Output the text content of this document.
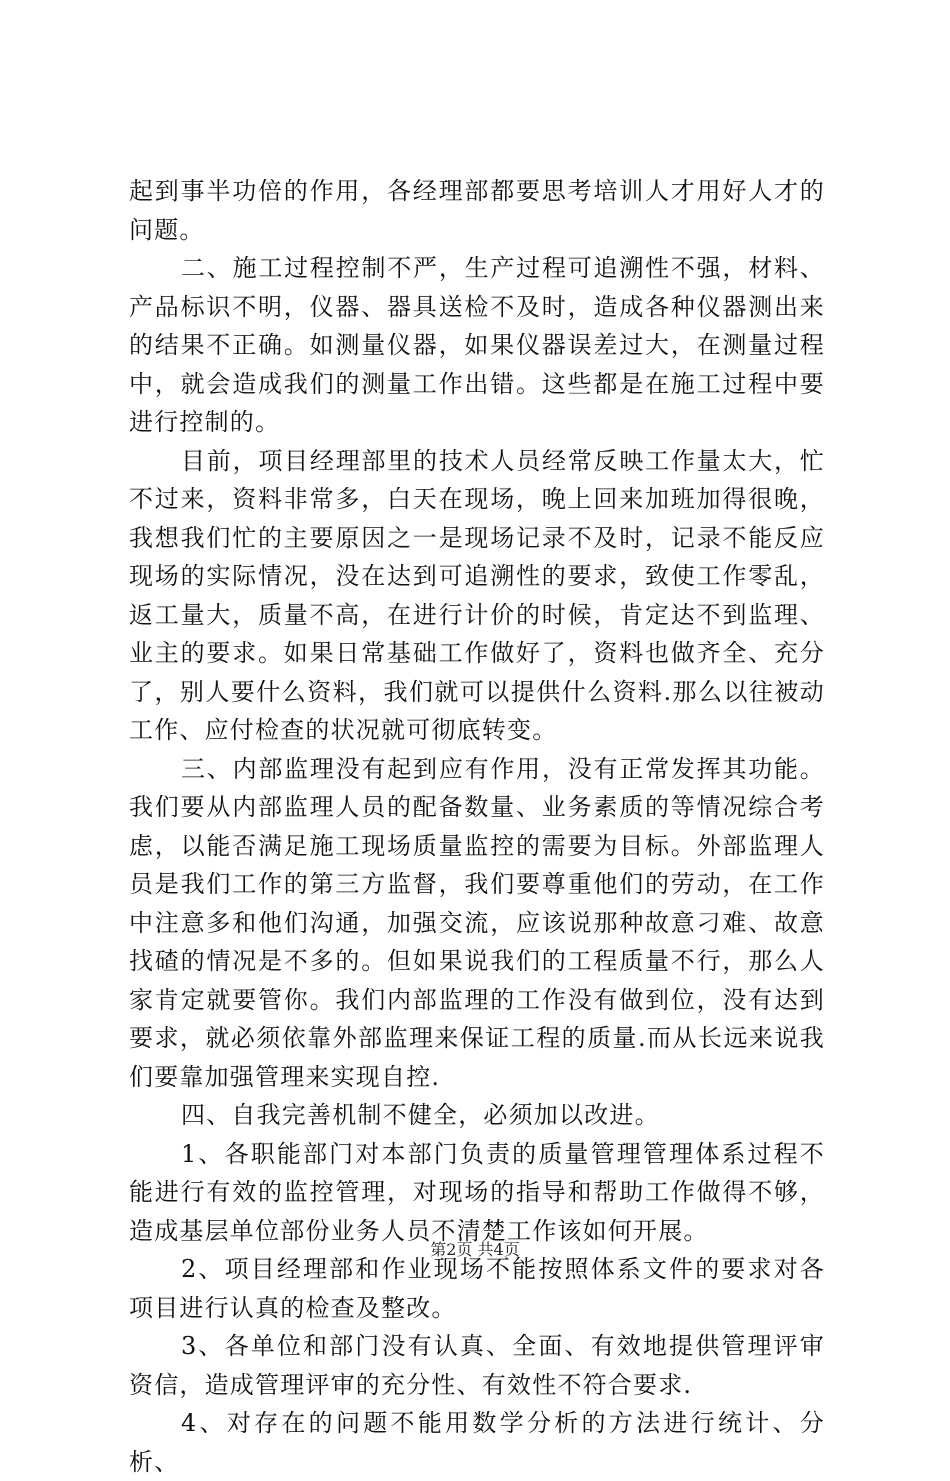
起到事半功倍的作用，各经理部都要思考培训人才用好人才的问题。

二、施工过程控制不严，生产过程可追溯性不强，材料、产品标识不明，仪器、器具送检不及时，造成各种仪器测出来的结果不正确。如测量仪器，如果仪器误差过大，在测量过程中，就会造成我们的测量工作出错。这些都是在施工过程中要进行控制的。

目前，项目经理部里的技术人员经常反映工作量太大，忙不过来，资料非常多，白天在现场，晚上回来加班加得很晚，我想我们忙的主要原因之一是现场记录不及时，记录不能反应现场的实际情况，没在达到可追溯性的要求，致使工作零乱，返工量大，质量不高，在进行计价的时候，肯定达不到监理、业主的要求。如果日常基础工作做好了，资料也做齐全、充分了，别人要什么资料，我们就可以提供什么资料.那么以往被动工作、应付检查的状况就可彻底转变。

三、内部监理没有起到应有作用，没有正常发挥其功能。我们要从内部监理人员的配备数量、业务素质的等情况综合考虑，以能否满足施工现场质量监控的需要为目标。外部监理人员是我们工作的第三方监督，我们要尊重他们的劳动，在工作中注意多和他们沟通，加强交流，应该说那种故意刁难、故意找碴的情况是不多的。但如果说我们的工程质量不行，那么人家肯定就要管你。我们内部监理的工作没有做到位，没有达到要求，就必须依靠外部监理来保证工程的质量.而从长远来说我们要靠加强管理来实现自控.

四、自我完善机制不健全，必须加以改进。

1、各职能部门对本部门负责的质量管理管理体系过程不能进行有效的监控管理，对现场的指导和帮助工作做得不够，造成基层单位部份业务人员不清楚工作该如何开展。

2、项目经理部和作业现场不能按照体系文件的要求对各项目进行认真的检查及整改。

3、各单位和部门没有认真、全面、有效地提供管理评审资信，造成管理评审的充分性、有效性不符合要求.

4、对存在的问题不能用数学分析的方法进行统计、分析、

第2页 共4页
